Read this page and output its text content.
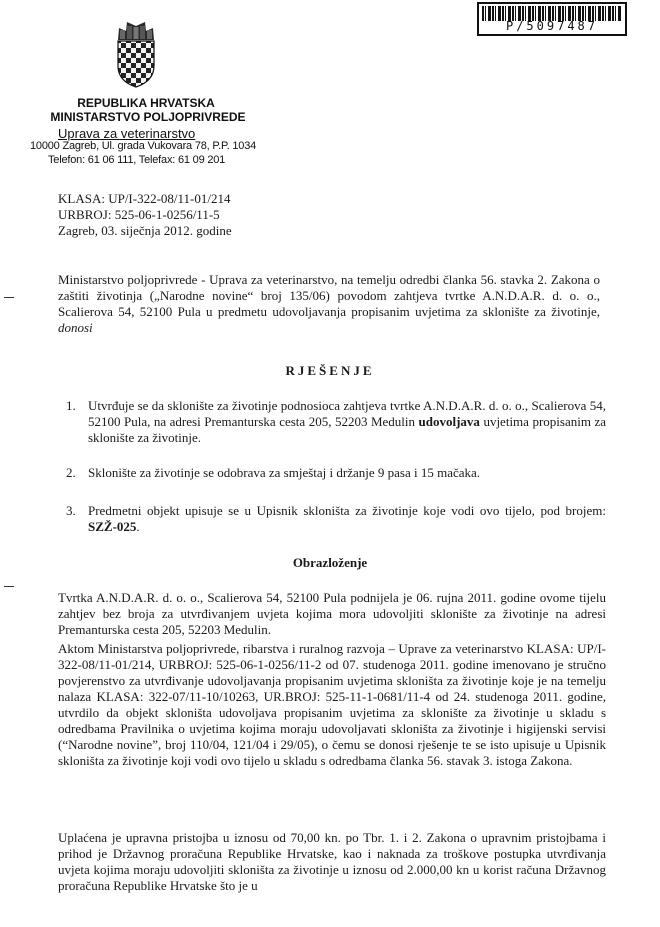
P/5097487
REPUBLIKA HRVATSKA
MINISTARSTVO POLJOPRIVREDE
Uprava za veterinarstvo
10000 Zagreb, Ul. grada Vukovara 78, P.P. 1034
Telefon: 61 06 111, Telefax: 61 09 201
KLASA: UP/I-322-08/11-01/214
URBROJ: 525-06-1-0256/11-5
Zagreb, 03. siječnja 2012. godine
Ministarstvo poljoprivrede - Uprava za veterinarstvo, na temelju odredbi članka 56. stavka 2. Zakona o zaštiti životinja („Narodne novine“ broj 135/06) povodom zahtjeva tvrtke A.N.D.A.R. d. o. o., Scalierova 54, 52100 Pula u predmetu udovoljavanja propisanim uvjetima za sklonište za životinje, donosi
RJEŠENJE
1. Utvrđuje se da sklonište za životinje podnosioca zahtjeva tvrtke A.N.D.A.R. d. o. o., Scalierova 54, 52100 Pula, na adresi Premanturska cesta 205, 52203 Medulin udovoljava uvjetima propisanim za sklonište za životinje.
2. Sklonište za životinje se odobrava za smještaj i držanje 9 pasa i 15 mačaka.
3. Predmetni objekt upisuje se u Upisnik skloništa za životinje koje vodi ovo tijelo, pod brojem: SZŽ-025.
Obrazloženje
Tvrtka A.N.D.A.R. d. o. o., Scalierova 54, 52100 Pula podnijela je 06. rujna 2011. godine ovome tijelu zahtjev bez broja za utvrđivanjem uvjeta kojima mora udovoljiti sklonište za životinje na adresi Premanturska cesta 205, 52203 Medulin.
Aktom Ministarstva poljoprivrede, ribarstva i ruralnog razvoja – Uprave za veterinarstvo KLASA: UP/I-322-08/11-01/214, URBROJ: 525-06-1-0256/11-2 od 07. studenoga 2011. godine imenovano je stručno povjerenstvo za utvrđivanje udovoljavanja propisanim uvjetima skloništa za životinje koje je na temelju nalaza KLASA: 322-07/11-10/10263, UR.BROJ: 525-11-1-0681/11-4 od 24. studenoga 2011. godine, utvrdilo da objekt skloništa udovoljava propisanim uvjetima za sklonište za životinje u skladu s odredbama Pravilnika o uvjetima kojima moraju udovoljavati skloništa za životinje i higijenski servisi (“Narodne novine”, broj 110/04, 121/04 i 29/05), o čemu se donosi rješenje te se isto upisuje u Upisnik skloništa za životinje koji vodi ovo tijelo u skladu s odredbama članka 56. stavak 3. istoga Zakona.
Uplaćena je upravna pristojba u iznosu od 70,00 kn. po Tbr. 1. i 2. Zakona o upravnim pristojbama i prihod je Državnog proračuna Republike Hrvatske, kao i naknada za troškove postupka utvrđivanja uvjeta kojima moraju udovoljiti skloništa za životinje u iznosu od 2.000,00 kn u korist računa Državnog proračuna Republike Hrvatske što je u
